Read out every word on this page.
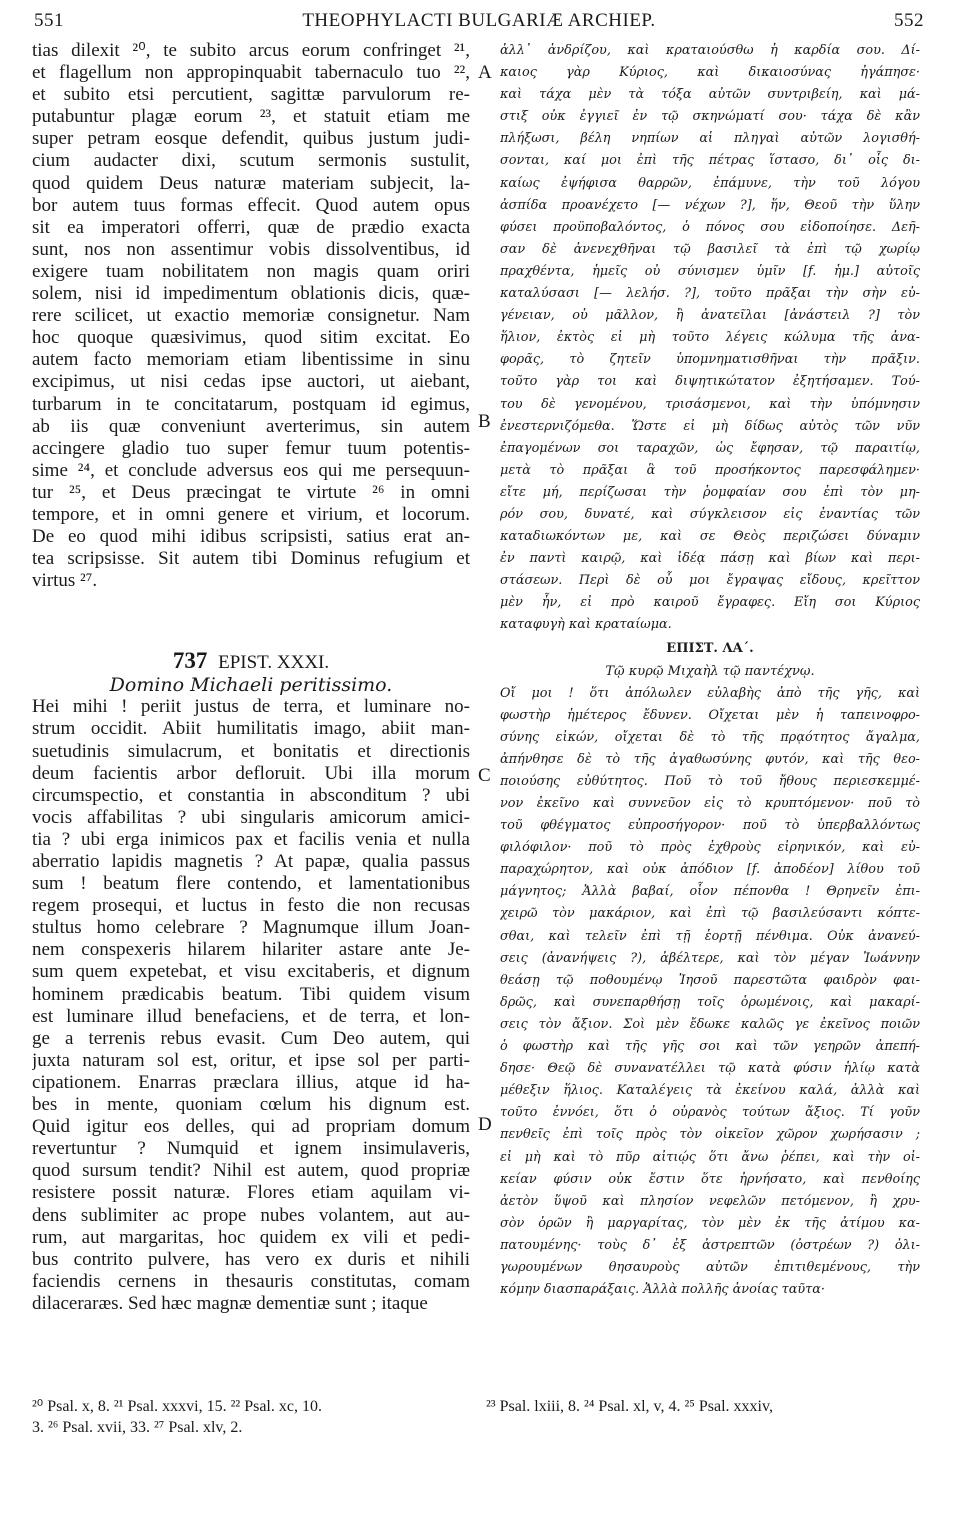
551	THEOPHYLACTI BULGARIÆ ARCHIEP.	552
A
B
C
D
tias dilexit ²⁰, te subito arcus eorum confringet ²¹,
et flagellum non appropinquabit tabernaculo tuo ²²,
et subito etsi percutient, sagittæ parvulorum re-
putabuntur plagæ eorum ²³, et statuit etiam me
super petram eosque defendit, quibus justum judi-
cium audacter dixi, scutum sermonis sustulit,
quod quidem Deus naturæ materiam subjecit, la-
bor autem tuus formas effecit. Quod autem opus
sit ea imperatori offerri, quæ de prædio exacta
sunt, nos non assentimur vobis dissolventibus, id
exigere tuam nobilitatem non magis quam oriri
solem, nisi id impedimentum oblationis dicis, quæ-
rere scilicet, ut exactio memoriæ consignetur. Nam
hoc quoque quæsivimus, quod sitim excitat. Eo
autem facto memoriam etiam libentissime in sinu
excipimus, ut nisi cedas ipse auctori, ut aiebant,
turbarum in te concitatarum, postquam id egimus,
ab iis quæ conveniunt averterimus, sin autem
accingere gladio tuo super femur tuum potentis-
sime ²⁴, et conclude adversus eos qui me persequun-
tur ²⁵, et Deus præcingat te virtute ²⁶ in omni
tempore, et in omni genere et virium, et locorum.
De eo quod mihi idibus scripsisti, satius erat an-
tea scripsisse. Sit autem tibi Dominus refugium et
virtus ²⁷.
737 EPIST. XXXI.
Domino Michaeli peritissimo.
Hei mihi ! periit justus de terra, et luminare no-
strum occidit. Abiit humilitatis imago, abiit man-
suetudinis simulacrum, et bonitatis et directionis
deum facientis arbor defloruit. Ubi illa morum
circumspectio, et constantia in absconditum ? ubi
vocis affabilitas ? ubi singularis amicorum amici-
tia ? ubi erga inimicos pax et facilis venia et nulla
aberratio lapidis magnetis ? At papæ, qualia passus
sum ! beatum flere contendo, et lamentationibus
regem prosequi, et luctus in festo die non recusas
stultus homo celebrare ? Magnumque illum Joan-
nem conspexeris hilarem hilariter astare ante Je-
sum quem expetebat, et visu excitaberis, et dignum
hominem prædicabis beatum. Tibi quidem visum
est luminare illud benefaciens, et de terra, et lon-
ge a terrenis rebus evasit. Cum Deo autem, qui
juxta naturam sol est, oritur, et ipse sol per parti-
cipationem. Enarras præclara illius, atque id ha-
bes in mente, quoniam cœlum his dignum est.
Quid igitur eos delles, qui ad propriam domum
revertuntur ? Numquid et ignem insimulaveris,
quod sursum tendit? Nihil est autem, quod propriæ
resistere possit naturæ. Flores etiam aquilam vi-
dens sublimiter ac prope nubes volantem, aut au-
rum, aut margaritas, hoc quidem ex vili et pedi-
bus contrito pulvere, has vero ex duris et nihili
faciendis cernens in thesauris constitutas, comam
dilaceraræs. Sed hæc magnæ dementiæ sunt ; itaque
ἀλλ᾽ ἀνδρίζου, καὶ κραταιούσθω ἡ καρδία σου. Δί-
καιος γὰρ Κύριος, καὶ δικαιοσύνας ἠγάπησε·
καὶ τάχα μὲν τὰ τόξα αὐτῶν συντριβείη, καὶ μά-
στιξ οὐκ ἐγγιεῖ ἐν τῷ σκηνώματί σου· τάχα δὲ κἂν
πλήξωσι, βέλη νηπίων αἱ πληγαὶ αὐτῶν λογισθή-
σονται, καί μοι ἐπὶ τῆς πέτρας ἵστασο, δι᾽ οἷς δι-
καίως ἐψήφισα θαρρῶν, ἐπάμυνε, τὴν τοῦ λόγου
ἀσπίδα προανέχετο [— νέχων ?], ἥν, Θεοῦ τὴν ὕλην
φύσει προϋποβαλόντος, ὁ πόνος σου εἰδοποίησε. Δεῆ-
σαν δὲ ἀνενεχθῆναι τῷ βασιλεῖ τὰ ἐπὶ τῷ χωρίῳ
πραχθέντα, ἡμεῖς οὐ σύνισμεν ὑμῖν [f. ἡμ.] αὐτοῖς
καταλύσασι [— λελήσ. ?], τοῦτο πρᾶξαι τὴν σὴν εὐ-
γένειαν, οὐ μᾶλλον, ἢ ἀνατεῖλαι [ἀνάστειλ ?] τὸν
ἥλιον, ἐκτὸς εἰ μὴ τοῦτο λέγεις κώλυμα τῆς ἀνα-
φορᾶς, τὸ ζητεῖν ὑπομνηματισθῆναι τὴν πρᾶξιν.
τοῦτο γὰρ τοι καὶ διψητικώτατον ἐξητήσαμεν. Τού-
του δὲ γενομένου, τρισάσμενοι, καὶ τὴν ὑπόμνησιν
ἐνεστερνιζόμεθα. Ὥστε εἰ μὴ δίδως αὐτὸς τῶν νῦν
ἐπαγομένων σοι ταραχῶν, ὡς ἔφησαν, τῷ παραιτίῳ,
μετὰ τὸ πρᾶξαι ἃ τοῦ προσήκοντος παρεσφάλημεν·
εἴτε μή, περίζωσαι τὴν ῥομφαίαν σου ἐπὶ τὸν μη-
ρόν σου, δυνατέ, καὶ σύγκλεισον εἰς ἐναντίας τῶν
καταδιωκόντων με, καὶ σε Θεὸς περιζώσει δύναμιν
ἐν παντὶ καιρῷ, καὶ ἰδέᾳ πάσῃ καὶ βίων καὶ περι-
στάσεων. Περὶ δὲ οὗ μοι ἔγραψας εἴδους, κρεῖττον
μὲν ἦν, εἰ πρὸ καιροῦ ἔγραφες. Εἴη σοι Κύριος
καταφυγὴ καὶ κραταίωμα.
ΕΠΙΣΤ. ΛΑ´.
Τῷ κυρῷ Μιχαὴλ τῷ παντέχνῳ.
Οἴ μοι ! ὅτι ἀπόλωλεν εὐλαβὴς ἀπὸ τῆς γῆς, καὶ
φωστὴρ ἡμέτερος ἔδυνεν. Οἴχεται μὲν ἡ ταπεινοφρο-
σύνης εἰκών, οἴχεται δὲ τὸ τῆς πρᾳότητος ἄγαλμα,
ἀπήνθησε δὲ τὸ τῆς ἀγαθωσύνης φυτόν, καὶ τῆς θεο-
ποιούσης εὐθύτητος. Ποῦ τὸ τοῦ ἤθους περιεσκεμμέ-
νον ἐκεῖνο καὶ συννεῦον εἰς τὸ κρυπτόμενον· ποῦ τὸ
τοῦ φθέγματος εὐπροσήγορον· ποῦ τὸ ὑπερβαλλόντως
φιλόφιλον· ποῦ τὸ πρὸς ἐχθροὺς εἰρηνικόν, καὶ εὐ-
παραχώρητον, καὶ οὐκ ἀπόδιον [f. ἀποδέον] λίθου τοῦ
μάγνητος; Ἀλλὰ βαβαί, οἷον πέπονθα ! Θρηνεῖν ἐπι-
χειρῶ τὸν μακάριον, καὶ ἐπὶ τῷ βασιλεύσαντι κόπτε-
σθαι, καὶ τελεῖν ἐπὶ τῇ ἑορτῇ πένθιμα. Οὐκ ἀνανεύ-
σεις (ἀνανήψεις ?), ἀβέλτερε, καὶ τὸν μέγαν Ἰωάννην
θεάσῃ τῷ ποθουμένῳ Ἰησοῦ παρεστῶτα φαιδρὸν φαι-
δρῶς, καὶ συνεπαρθήσῃ τοῖς ὁρωμένοις, καὶ μακαρί-
σεις τὸν ἄξιον. Σοὶ μὲν ἔδωκε καλῶς γε ἐκεῖνος ποιῶν
ὁ φωστὴρ καὶ τῆς γῆς σοι καὶ τῶν γεηρῶν ἀπεπή-
δησε· Θεῷ δὲ συνανατέλλει τῷ κατὰ φύσιν ἡλίῳ κατὰ
μέθεξιν ἥλιος. Καταλέγεις τὰ ἐκείνου καλά, ἀλλὰ καὶ
τοῦτο ἐννόει, ὅτι ὁ οὐρανὸς τούτων ἄξιος. Τί γοῦν
πενθεῖς ἐπὶ τοῖς πρὸς τὸν οἰκεῖον χῶρον χωρήσασιν ;
εἰ μὴ καὶ τὸ πῦρ αἰτιῴς ὅτι ἄνω ῥέπει, καὶ τὴν οἰ-
κείαν φύσιν οὐκ ἔστιν ὅτε ἠρνήσατο, καὶ πενθοίης
ἀετὸν ὕψοῦ καὶ πλησίον νεφελῶν πετόμενον, ἢ χρυ-
σὸν ὁρῶν ἢ μαργαρίτας, τὸν μὲν ἐκ τῆς ἀτίμου κα-
πατουμένης· τοὺς δ᾽ ἐξ ἀστρεπτῶν (ὀστρέων ?) ὀλι-
γωρουμένων θησαυροὺς αὐτῶν ἐπιτιθεμένους, τὴν
κόμην διασπαράξαις. Ἀλλὰ πολλῆς ἀνοίας ταῦτα·
²⁰ Psal. x, 8. ²¹ Psal. xxxvi, 15. ²² Psal. xc, 10.
3. ²⁶ Psal. xvii, 33. ²⁷ Psal. xlv, 2.
²³ Psal. lxiii, 8. ²⁴ Psal. xl, v, 4. ²⁵ Psal. xxxiv,
